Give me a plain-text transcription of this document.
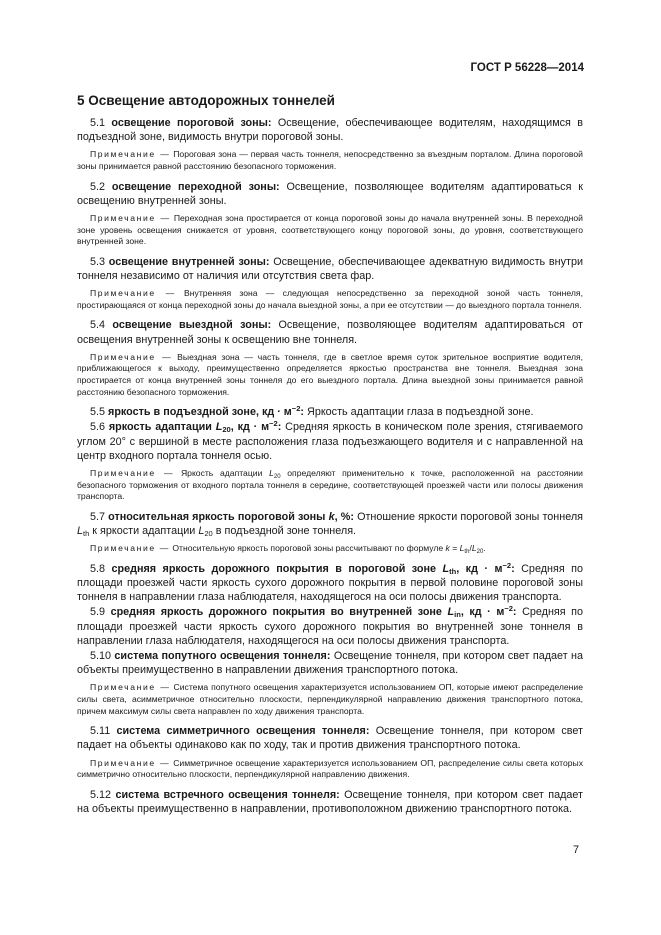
ГОСТ Р 56228—2014
5 Освещение автодорожных тоннелей

5.1 освещение пороговой зоны: Освещение, обеспечивающее водителям, находящимся в подъездной зоне, видимость внутри пороговой зоны.

Примечание — Пороговая зона — первая часть тоннеля, непосредственно за въездным порталом. Длина пороговой зоны принимается равной расстоянию безопасного торможения.

5.2 освещение переходной зоны: Освещение, позволяющее водителям адаптироваться к освещению внутренней зоны.

Примечание — Переходная зона простирается от конца пороговой зоны до начала внутренней зоны. В переходной зоне уровень освещения снижается от уровня, соответствующего концу пороговой зоны, до уровня, соответствующего внутренней зоне.

5.3 освещение внутренней зоны: Освещение, обеспечивающее адекватную видимость внутри тоннеля независимо от наличия или отсутствия света фар.

Примечание — Внутренняя зона — следующая непосредственно за переходной зоной часть тоннеля, простирающаяся от конца переходной зоны до начала выездной зоны, а при ее отсутствии — до выездного портала тоннеля.

5.4 освещение выездной зоны: Освещение, позволяющее водителям адаптироваться от освещения внутренней зоны к освещению вне тоннеля.

Примечание — Выездная зона — часть тоннеля, где в светлое время суток зрительное восприятие водителя, приближающегося к выходу, преимущественно определяется яркостью пространства вне тоннеля. Выездная зона простирается от конца внутренней зоны тоннеля до его выездного портала. Длина выездной зоны принимается равной расстоянию безопасного торможения.

5.5 яркость в подъездной зоне, кд · $м^{-2}$: Яркость адаптации глаза в подъездной зоне.

5.6 яркость адаптации $L_{20}$, кд · $м^{-2}$: Средняя яркость в коническом поле зрения, стягиваемого углом 20° с вершиной в месте расположения глаза подъезжающего водителя и с направленной на центр входного портала тоннеля осью.

Примечание — Яркость адаптации $L_{20}$ определяют применительно к точке, расположенной на расстоянии безопасного торможения от входного портала тоннеля в середине, соответствующей проезжей части или полосы движения транспорта.

5.7 относительная яркость пороговой зоны k, %: Отношение яркости пороговой зоны тоннеля $L_{th}$ к яркости адаптации $L_{20}$ в подъездной зоне тоннеля.

Примечание — Относительную яркость пороговой зоны рассчитывают по формуле $k = L_{th}/L_{20}$.

5.8 средняя яркость дорожного покрытия в пороговой зоне $L_{th}$, кд · $м^{-2}$: Средняя по площади проезжей части яркость сухого дорожного покрытия в первой половине пороговой зоны тоннеля в направлении глаза наблюдателя, находящегося на оси полосы движения транспорта.

5.9 средняя яркость дорожного покрытия во внутренней зоне $L_{in}$, кд · $м^{-2}$: Средняя по площади проезжей части яркость сухого дорожного покрытия во внутренней зоне тоннеля в направлении глаза наблюдателя, находящегося на оси полосы движения транспорта.

5.10 система попутного освещения тоннеля: Освещение тоннеля, при котором свет падает на объекты преимущественно в направлении движения транспортного потока.

Примечание — Система попутного освещения характеризуется использованием ОП, которые имеют распределение силы света, асимметричное относительно плоскости, перпендикулярной направлению движения транспортного потока, причем максимум силы света направлен по ходу движения транспорта.

5.11 система симметричного освещения тоннеля: Освещение тоннеля, при котором свет падает на объекты одинаково как по ходу, так и против движения транспортного потока.

Примечание — Симметричное освещение характеризуется использованием ОП, распределение силы света которых симметрично относительно плоскости, перпендикулярной направлению движения.

5.12 система встречного освещения тоннеля: Освещение тоннеля, при котором свет падает на объекты преимущественно в направлении, противоположном движению транспортного потока.

7
